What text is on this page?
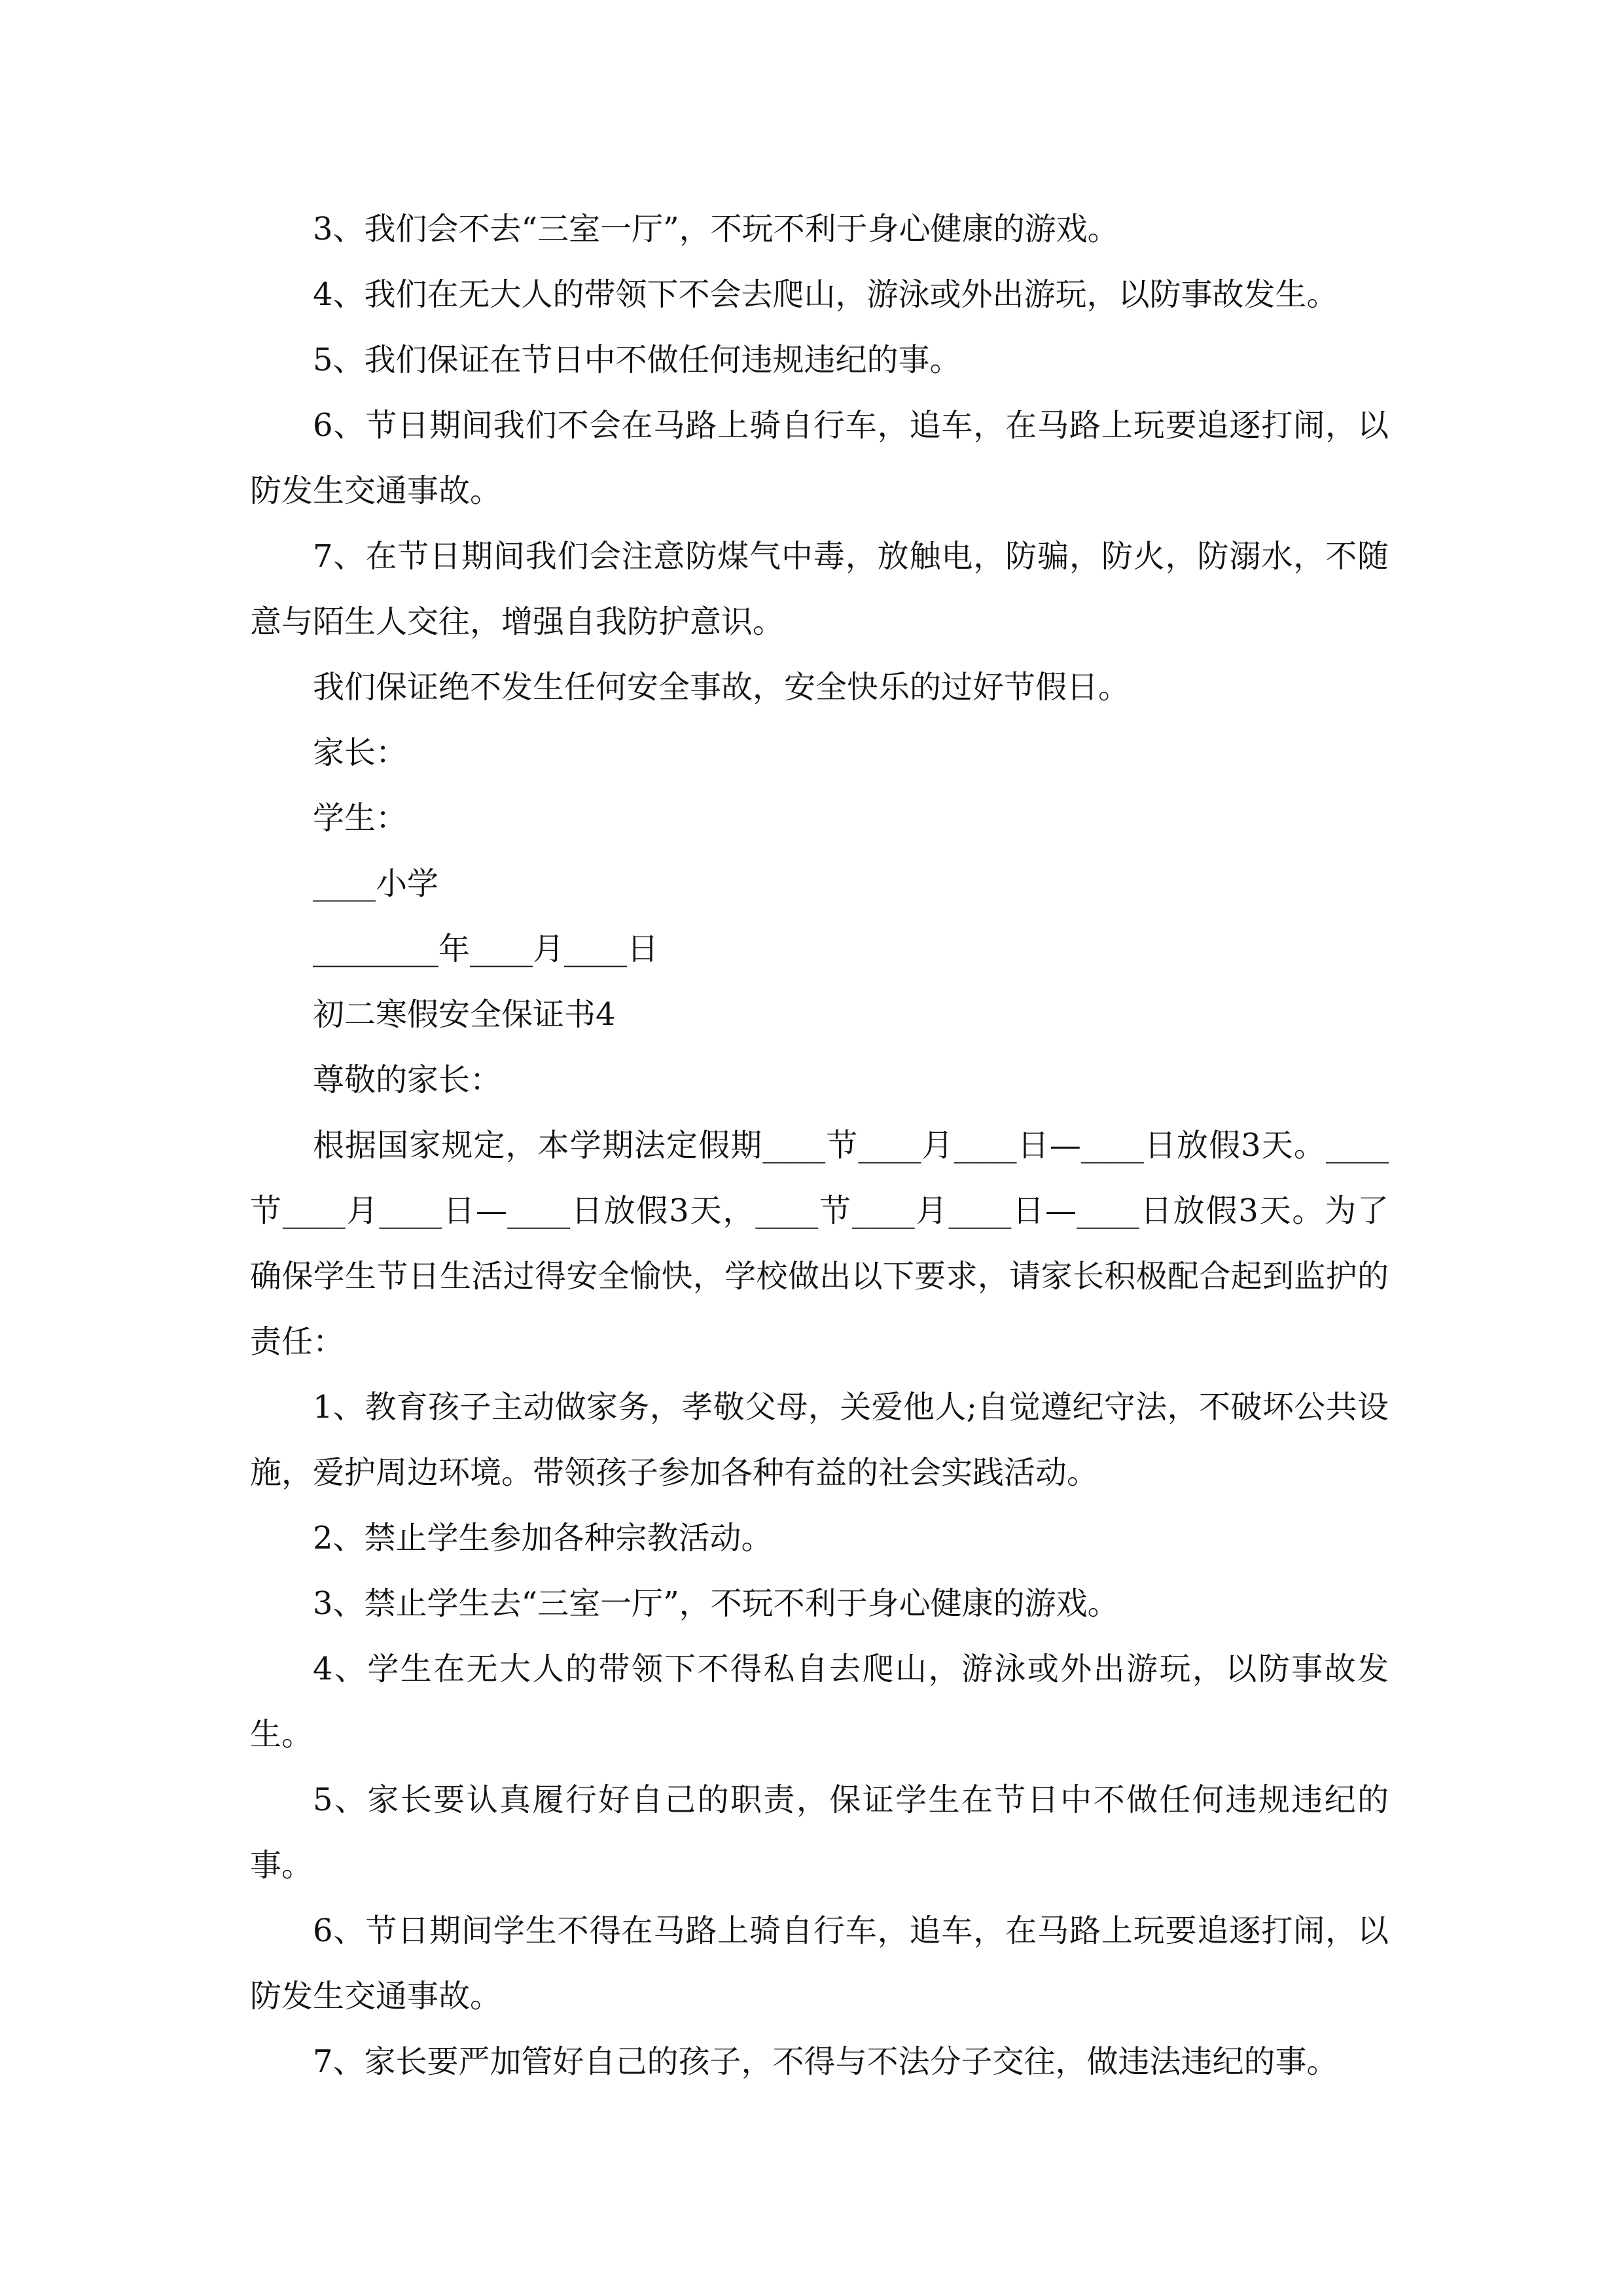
3、我们会不去“三室一厅”，不玩不利于身心健康的游戏。

4、我们在无大人的带领下不会去爬山，游泳或外出游玩，以防事故发生。

5、我们保证在节日中不做任何违规违纪的事。

6、节日期间我们不会在马路上骑自行车，追车，在马路上玩要追逐打闹，以防发生交通事故。

7、在节日期间我们会注意防煤气中毒，放触电，防骗，防火，防溺水，不随意与陌生人交往，增强自我防护意识。

我们保证绝不发生任何安全事故，安全快乐的过好节假日。

家长：

学生：

____小学

________年____月____日

初二寒假安全保证书4

尊敬的家长：

根据国家规定，本学期法定假期____节____月____日—____日放假3天。____节____月____日—____日放假3天，____节____月____日—____日放假3天。为了确保学生节日生活过得安全愉快，学校做出以下要求，请家长积极配合起到监护的责任：

1、教育孩子主动做家务，孝敬父母，关爱他人;自觉遵纪守法，不破坏公共设施，爱护周边环境。带领孩子参加各种有益的社会实践活动。

2、禁止学生参加各种宗教活动。

3、禁止学生去“三室一厅”，不玩不利于身心健康的游戏。

4、学生在无大人的带领下不得私自去爬山，游泳或外出游玩，以防事故发生。

5、家长要认真履行好自己的职责，保证学生在节日中不做任何违规违纪的事。

6、节日期间学生不得在马路上骑自行车，追车，在马路上玩要追逐打闹，以防发生交通事故。

7、家长要严加管好自己的孩子，不得与不法分子交往，做违法违纪的事。
